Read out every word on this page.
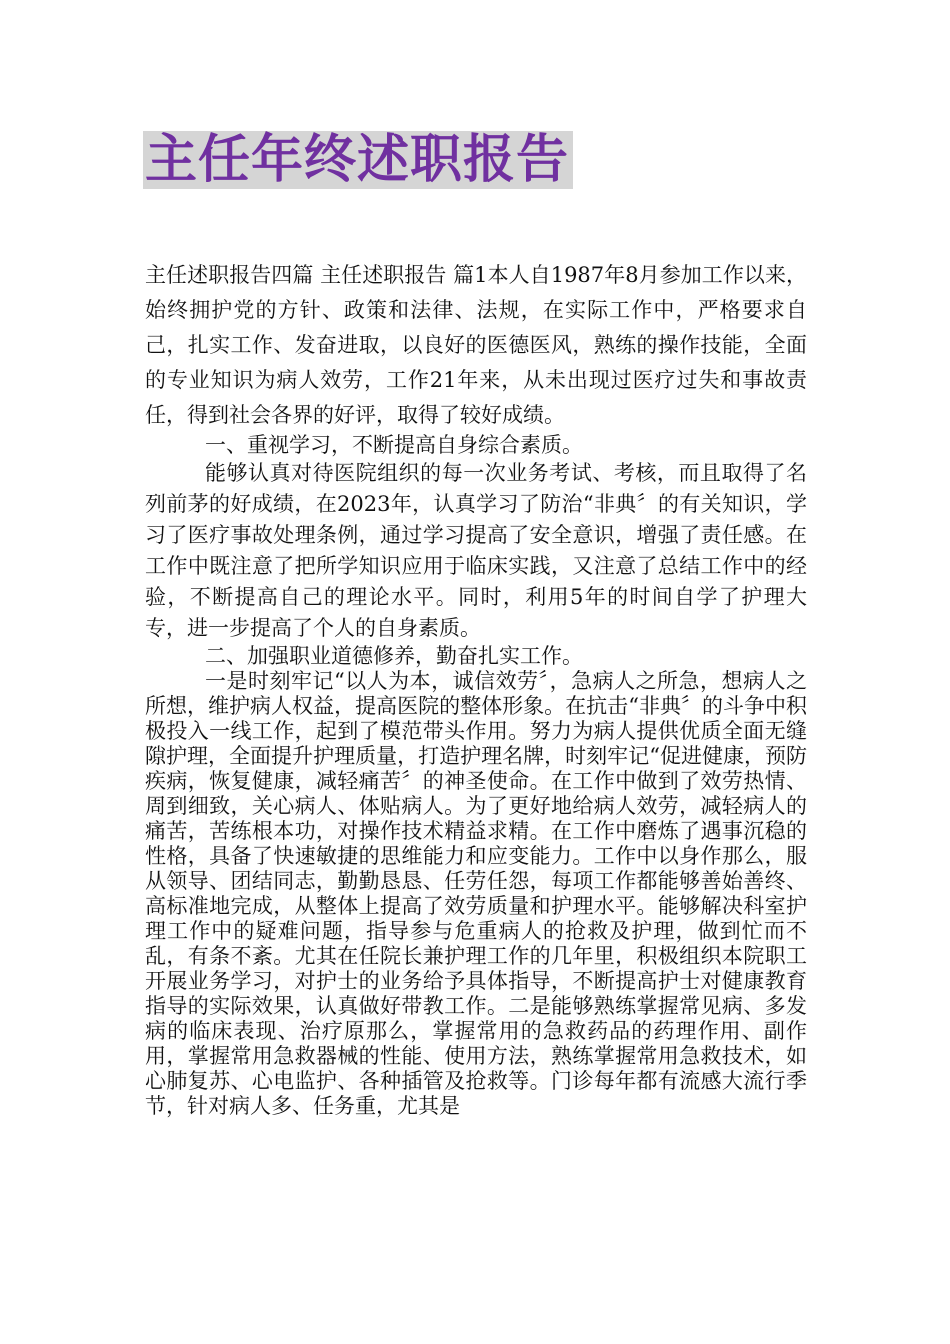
主任年终述职报告

主任述职报告四篇 主任述职报告 篇1本人自1987年8月参加工作以来，始终拥护党的方针、政策和法律、法规，在实际工作中，严格要求自己，扎实工作、发奋进取，以良好的医德医风，熟练的操作技能，全面的专业知识为病人效劳，工作21年来，从未出现过医疗过失和事故责任，得到社会各界的好评，取得了较好成绩。

一、重视学习，不断提高自身综合素质。

能够认真对待医院组织的每一次业务考试、考核，而且取得了名列前茅的好成绩，在2023年，认真学习了防治“非典〞的有关知识，学习了医疗事故处理条例，通过学习提高了安全意识，增强了责任感。在工作中既注意了把所学知识应用于临床实践，又注意了总结工作中的经验，不断提高自己的理论水平。同时，利用5年的时间自学了护理大专，进一步提高了个人的自身素质。

二、加强职业道德修养，勤奋扎实工作。

一是时刻牢记“以人为本，诚信效劳〞，急病人之所急，想病人之所想，维护病人权益，提高医院的整体形象。在抗击“非典〞的斗争中积极投入一线工作，起到了模范带头作用。努力为病人提供优质全面无缝隙护理，全面提升护理质量，打造护理名牌，时刻牢记“促进健康，预防疾病，恢复健康，减轻痛苦〞的神圣使命。在工作中做到了效劳热情、周到细致，关心病人、体贴病人。为了更好地给病人效劳，减轻病人的痛苦，苦练根本功，对操作技术精益求精。在工作中磨炼了遇事沉稳的性格，具备了快速敏捷的思维能力和应变能力。工作中以身作那么，服从领导、团结同志，勤勤恳恳、任劳任怨，每项工作都能够善始善终、高标准地完成，从整体上提高了效劳质量和护理水平。能够解决科室护理工作中的疑难问题，指导参与危重病人的抢救及护理，做到忙而不乱，有条不紊。尤其在任院长兼护理工作的几年里，积极组织本院职工开展业务学习，对护士的业务给予具体指导，不断提高护士对健康教育指导的实际效果，认真做好带教工作。二是能够熟练掌握常见病、多发病的临床表现、治疗原那么，掌握常用的急救药品的药理作用、副作用，掌握常用急救器械的性能、使用方法，熟练掌握常用急救技术，如心肺复苏、心电监护、各种插管及抢救等。门诊每年都有流感大流行季节，针对病人多、任务重，尤其是
